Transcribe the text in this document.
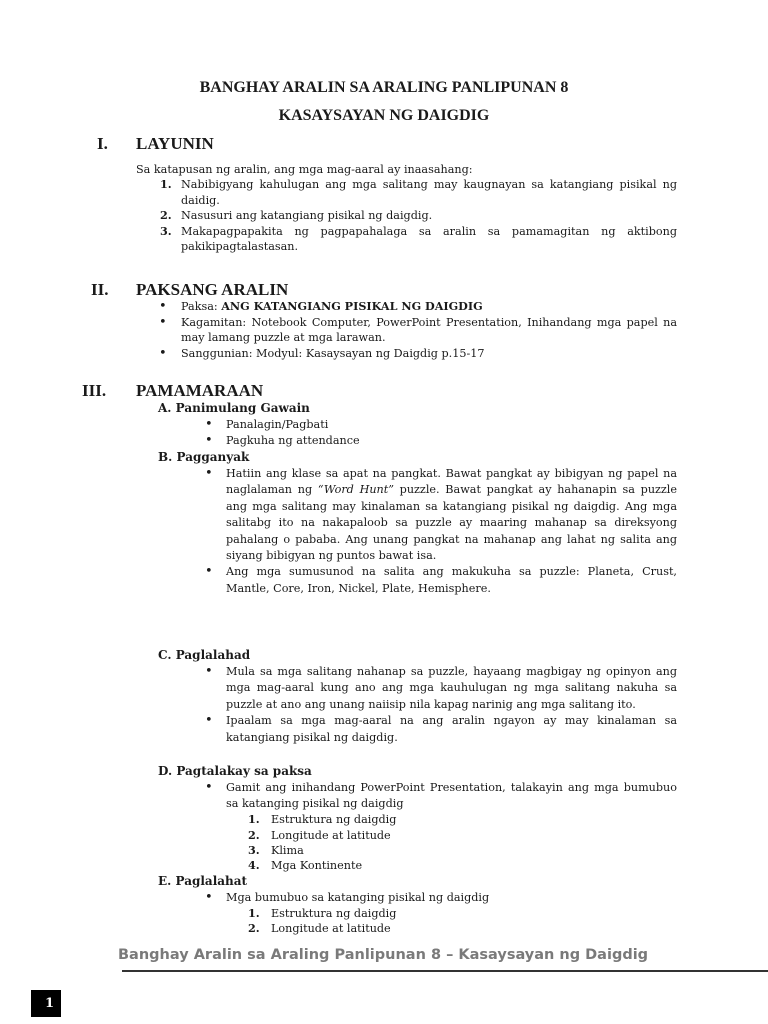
BANGHAY ARALIN SA ARALING PANLIPUNAN 8
KASAYSAYAN NG DAIGDIG
I. LAYUNIN
Sa katapusan ng aralin, ang mga mag-aaral ay inaasahang:
1. Nabibigyang kahulugan ang mga salitang may kaugnayan sa katangiang pisikal ng daidig.
2. Nasusuri ang katangiang pisikal ng daigdig.
3. Makapagpapakita ng pagpapahalaga sa aralin sa pamamagitan ng aktibong pakikipagtalastasan.
II. PAKSANG ARALIN
• Paksa: ANG KATANGIANG PISIKAL NG DAIGDIG
• Kagamitan: Notebook Computer, PowerPoint Presentation, Inihandang mga papel na may lamang puzzle at mga larawan.
• Sanggunian: Modyul: Kasaysayan ng Daigdig p.15-17
III. PAMAMARAAN
A. Panimulang Gawain
• Panalagin/Pagbati
• Pagkuha ng attendance
B. Pagganyak
• Hatiin ang klase sa apat na pangkat. Bawat pangkat ay bibigyan ng papel na naglalaman ng “Word Hunt” puzzle. Bawat pangkat ay hahanapin sa puzzle ang mga salitang may kinalaman sa katangiang pisikal ng daigdig. Ang mga salitabg ito na nakapaloob sa puzzle ay maaring mahanap sa direksyong pahalang o pababa. Ang unang pangkat na mahanap ang lahat ng salita ang siyang bibigyan ng puntos bawat isa.
• Ang mga sumusunod na salita ang makukuha sa puzzle: Planeta, Crust, Mantle, Core, Iron, Nickel, Plate, Hemisphere.
C. Paglalahad
• Mula sa mga salitang nahanap sa puzzle, hayaang magbigay ng opinyon ang mga mag-aaral kung ano ang mga kauhulugan ng mga salitang nakuha sa puzzle at ano ang unang naiisip nila kapag narinig ang mga salitang ito.
• Ipaalam sa mga mag-aaral na ang aralin ngayon ay may kinalaman sa katangiang pisikal ng daigdig.
D. Pagtalakay sa paksa
• Gamit ang inihandang PowerPoint Presentation, talakayin ang mga bumubuo sa katanging pisikal ng daigdig
1. Estruktura ng daigdig
2. Longitude at latitude
3. Klima
4. Mga Kontinente
E. Paglalahat
• Mga bumubuo sa katanging pisikal ng daigdig
1. Estruktura ng daigdig
2. Longitude at latitude
Banghay Aralin sa Araling Panlipunan 8 – Kasaysayan ng Daigdig
1
